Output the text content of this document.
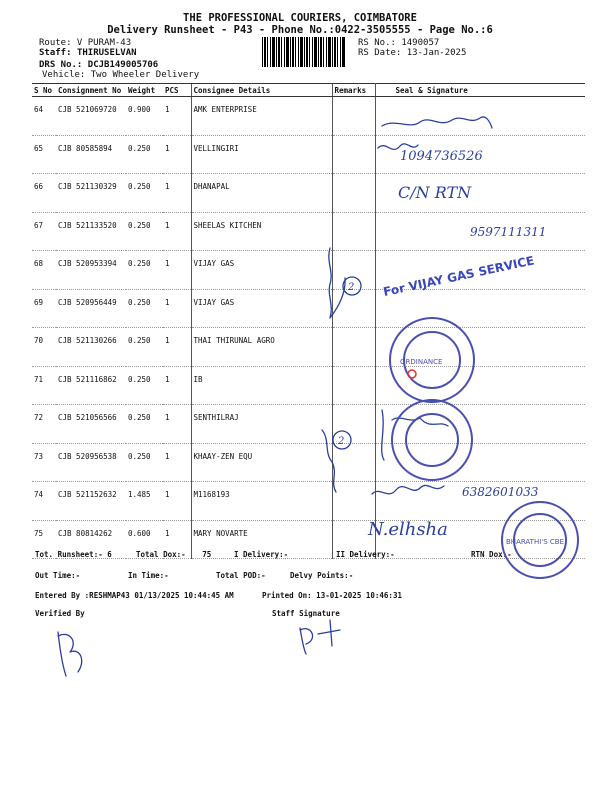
THE PROFESSIONAL COURIERS, COIMBATORE
Delivery Runsheet - P43 - Phone No.:0422-3505555 - Page No.:6
Route: V PURAM-43
Staff: THIRUSELVAN
DRS No.: DCJB149005706
Vehicle: Two Wheeler Delivery
RS No.: 1490057
RS Date: 13-Jan-2025
S No	Consignment No	Weight	PCS	Consignee Details	Remarks	Seal & Signature
64	CJB 521069720	0.900	1	AMK ENTERPRISE		
65	CJB 80585894	0.250	1	VELLINGIRI		
66	CJB 521130329	0.250	1	DHANAPAL		
67	CJB 521133520	0.250	1	SHEELAS KITCHEN		
68	CJB 520953394	0.250	1	VIJAY GAS		
69	CJB 520956449	0.250	1	VIJAY GAS		
70	CJB 521130266	0.250	1	THAI THIRUNAL AGRO		
71	CJB 521116862	0.250	1	IB		
72	CJB 521056566	0.250	1	SENTHILRAJ		
73	CJB 520956538	0.250	1	KHAAY-ZEN EQU		
74	CJB 521152632	1.485	1	M1168193		
75	CJB 80814262	0.600	1	MARY NOVARTE		
Tot. Runsheet:- 6	Total Dox:- 75	I Delivery:-	II Delivery:-	RTN Dox:-
Out Time:-	In Time:-	Total POD:-	Delvy Points:-
Entered By :RESHMAP43 01/13/2025 10:44:45 AM	Printed On: 13-01-2025 10:46:31
Verified By	Staff Signature
1094736526
C/N RTN
9597111311
2
2
6382601033
N.elhsha
For VIJAY GAS SERVICE
ORDINANCE
BHARATHI'S CBE
